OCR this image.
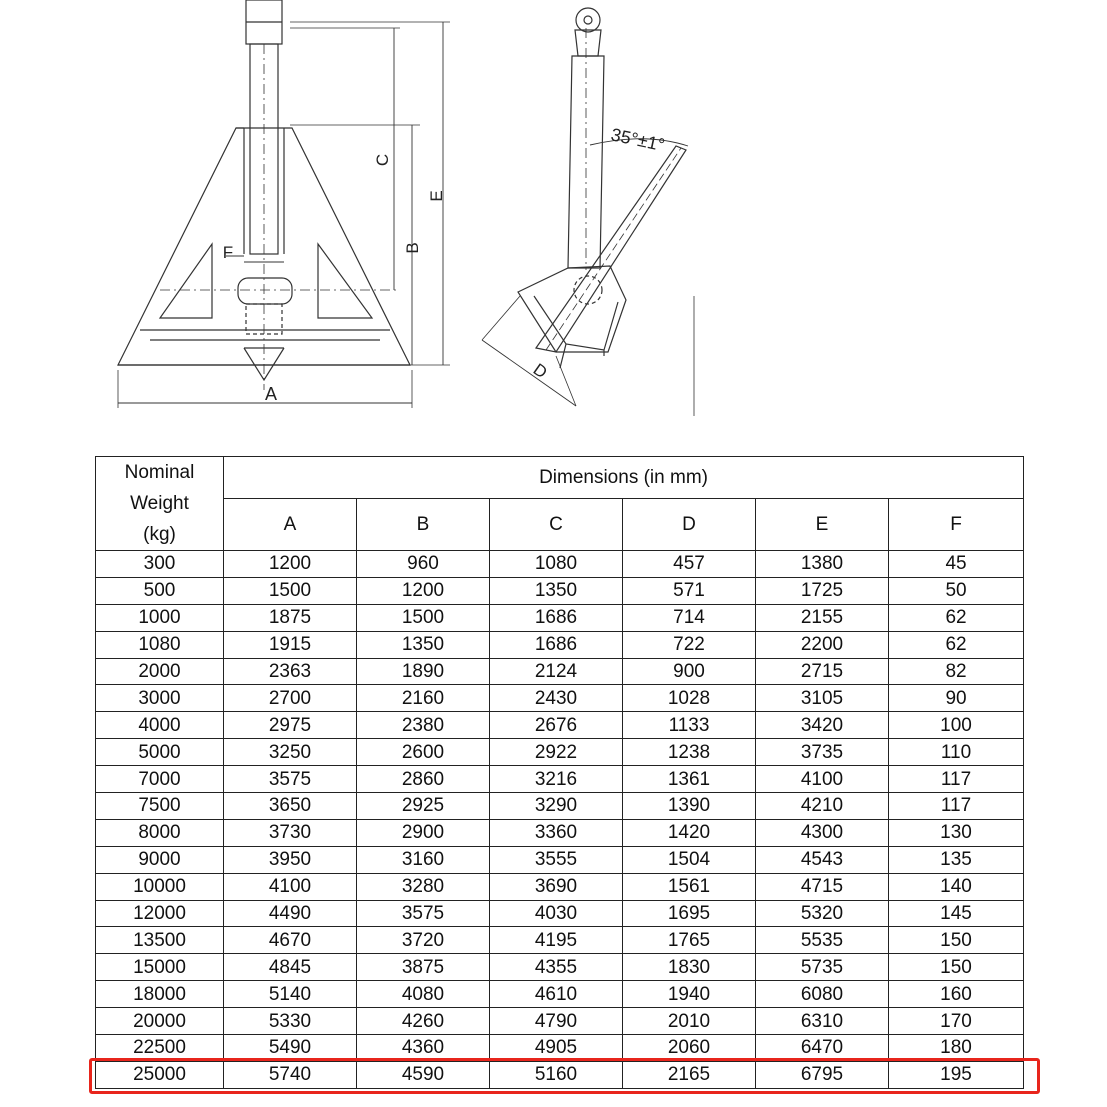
A
F
C
B
E
35°±1°
D
Nominal
Weight
(kg)	Dimensions (in mm)					
	A	B	C	D	E	F
300	1200	960	1080	457	1380	45
500	1500	1200	1350	571	1725	50
1000	1875	1500	1686	714	2155	62
1080	1915	1350	1686	722	2200	62
2000	2363	1890	2124	900	2715	82
3000	2700	2160	2430	1028	3105	90
4000	2975	2380	2676	1133	3420	100
5000	3250	2600	2922	1238	3735	110
7000	3575	2860	3216	1361	4100	117
7500	3650	2925	3290	1390	4210	117
8000	3730	2900	3360	1420	4300	130
9000	3950	3160	3555	1504	4543	135
10000	4100	3280	3690	1561	4715	140
12000	4490	3575	4030	1695	5320	145
13500	4670	3720	4195	1765	5535	150
15000	4845	3875	4355	1830	5735	150
18000	5140	4080	4610	1940	6080	160
20000	5330	4260	4790	2010	6310	170
22500	5490	4360	4905	2060	6470	180
25000	5740	4590	5160	2165	6795	195
